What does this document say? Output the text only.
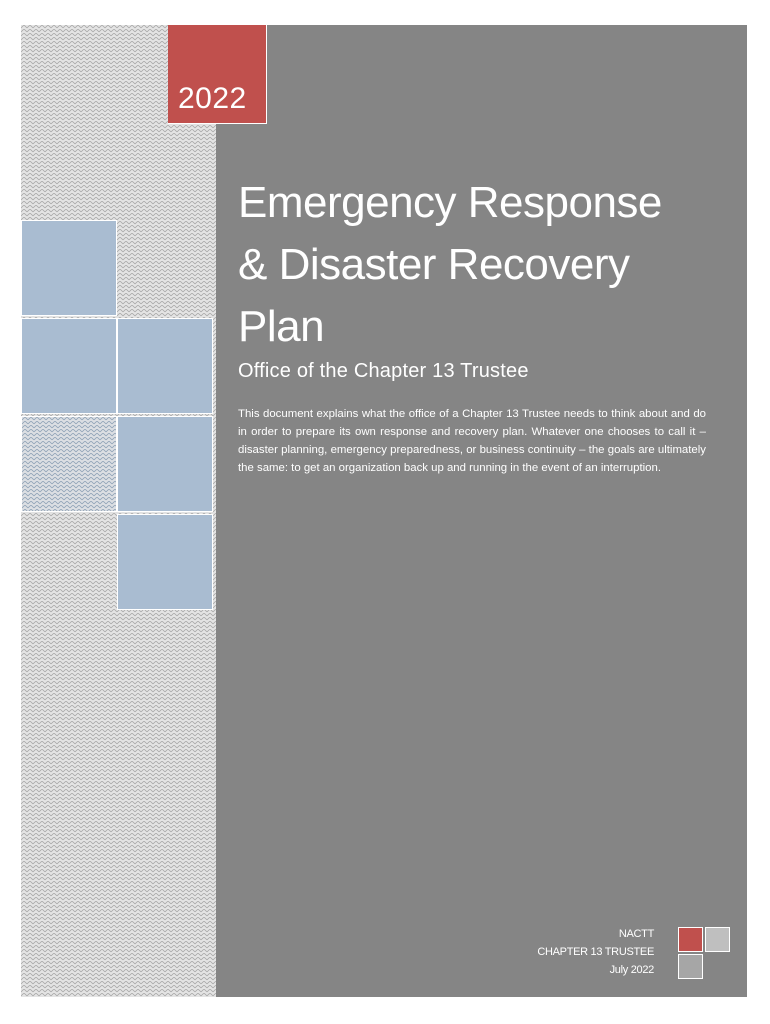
2022
Emergency Response
& Disaster Recovery
Plan
Office of the Chapter 13 Trustee

This document explains what the office of a Chapter 13 Trustee needs to think about and do in order to prepare its own response and recovery plan. Whatever one chooses to call it – disaster planning, emergency preparedness, or business continuity – the goals are ultimately the same: to get an organization back up and running in the event of an interruption.

NACTT
CHAPTER 13 TRUSTEE
July 2022
